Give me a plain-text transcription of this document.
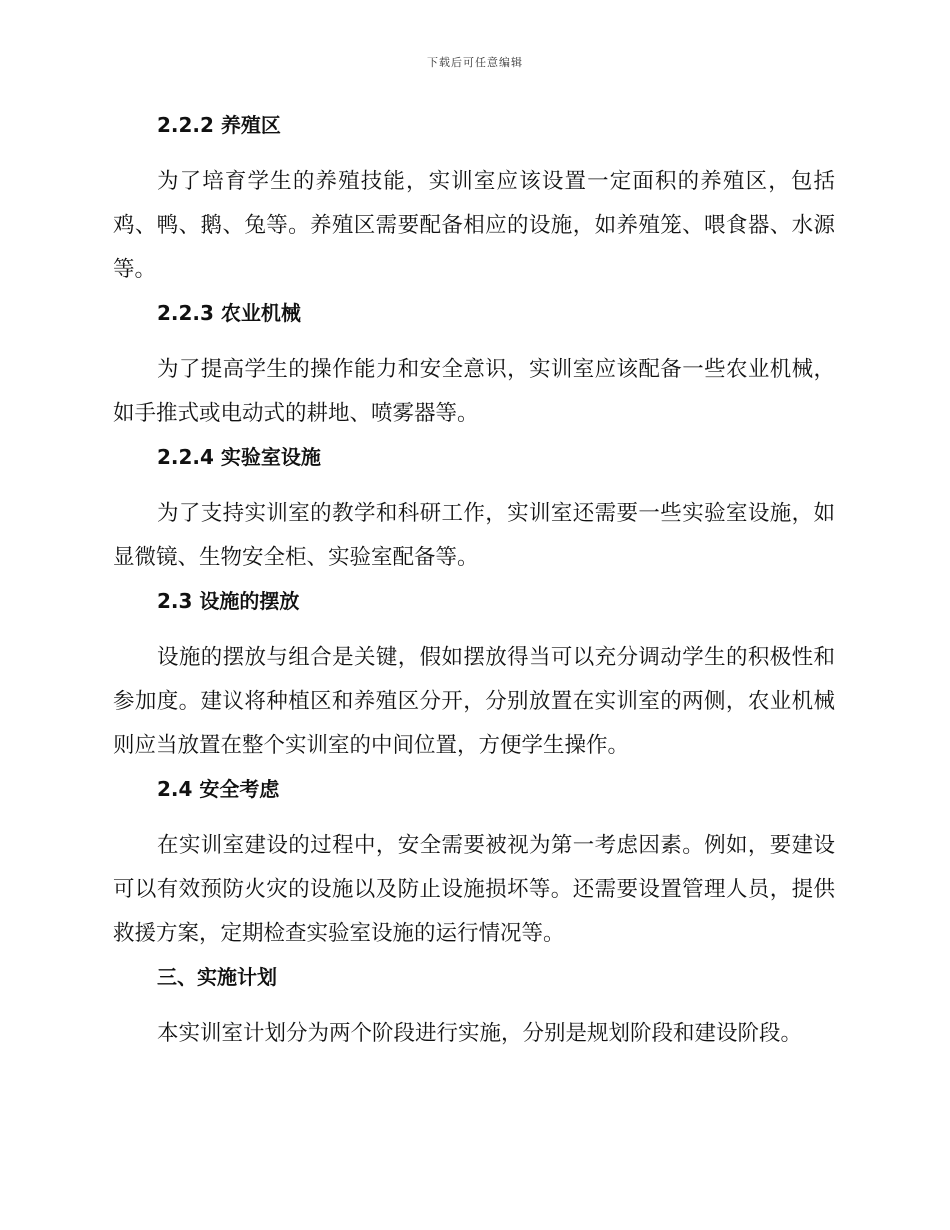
下载后可任意编辑
2.2.2 养殖区

为了培育学生的养殖技能，实训室应该设置一定面积的养殖区，包括鸡、鸭、鹅、兔等。养殖区需要配备相应的设施，如养殖笼、喂食器、水源等。

2.2.3 农业机械

为了提高学生的操作能力和安全意识，实训室应该配备一些农业机械，如手推式或电动式的耕地、喷雾器等。

2.2.4 实验室设施

为了支持实训室的教学和科研工作，实训室还需要一些实验室设施，如显微镜、生物安全柜、实验室配备等。

2.3 设施的摆放

设施的摆放与组合是关键，假如摆放得当可以充分调动学生的积极性和参加度。建议将种植区和养殖区分开，分别放置在实训室的两侧，农业机械则应当放置在整个实训室的中间位置，方便学生操作。

2.4 安全考虑

在实训室建设的过程中，安全需要被视为第一考虑因素。例如，要建设可以有效预防火灾的设施以及防止设施损坏等。还需要设置管理人员，提供救援方案，定期检查实验室设施的运行情况等。

三、实施计划

本实训室计划分为两个阶段进行实施，分别是规划阶段和建设阶段。
